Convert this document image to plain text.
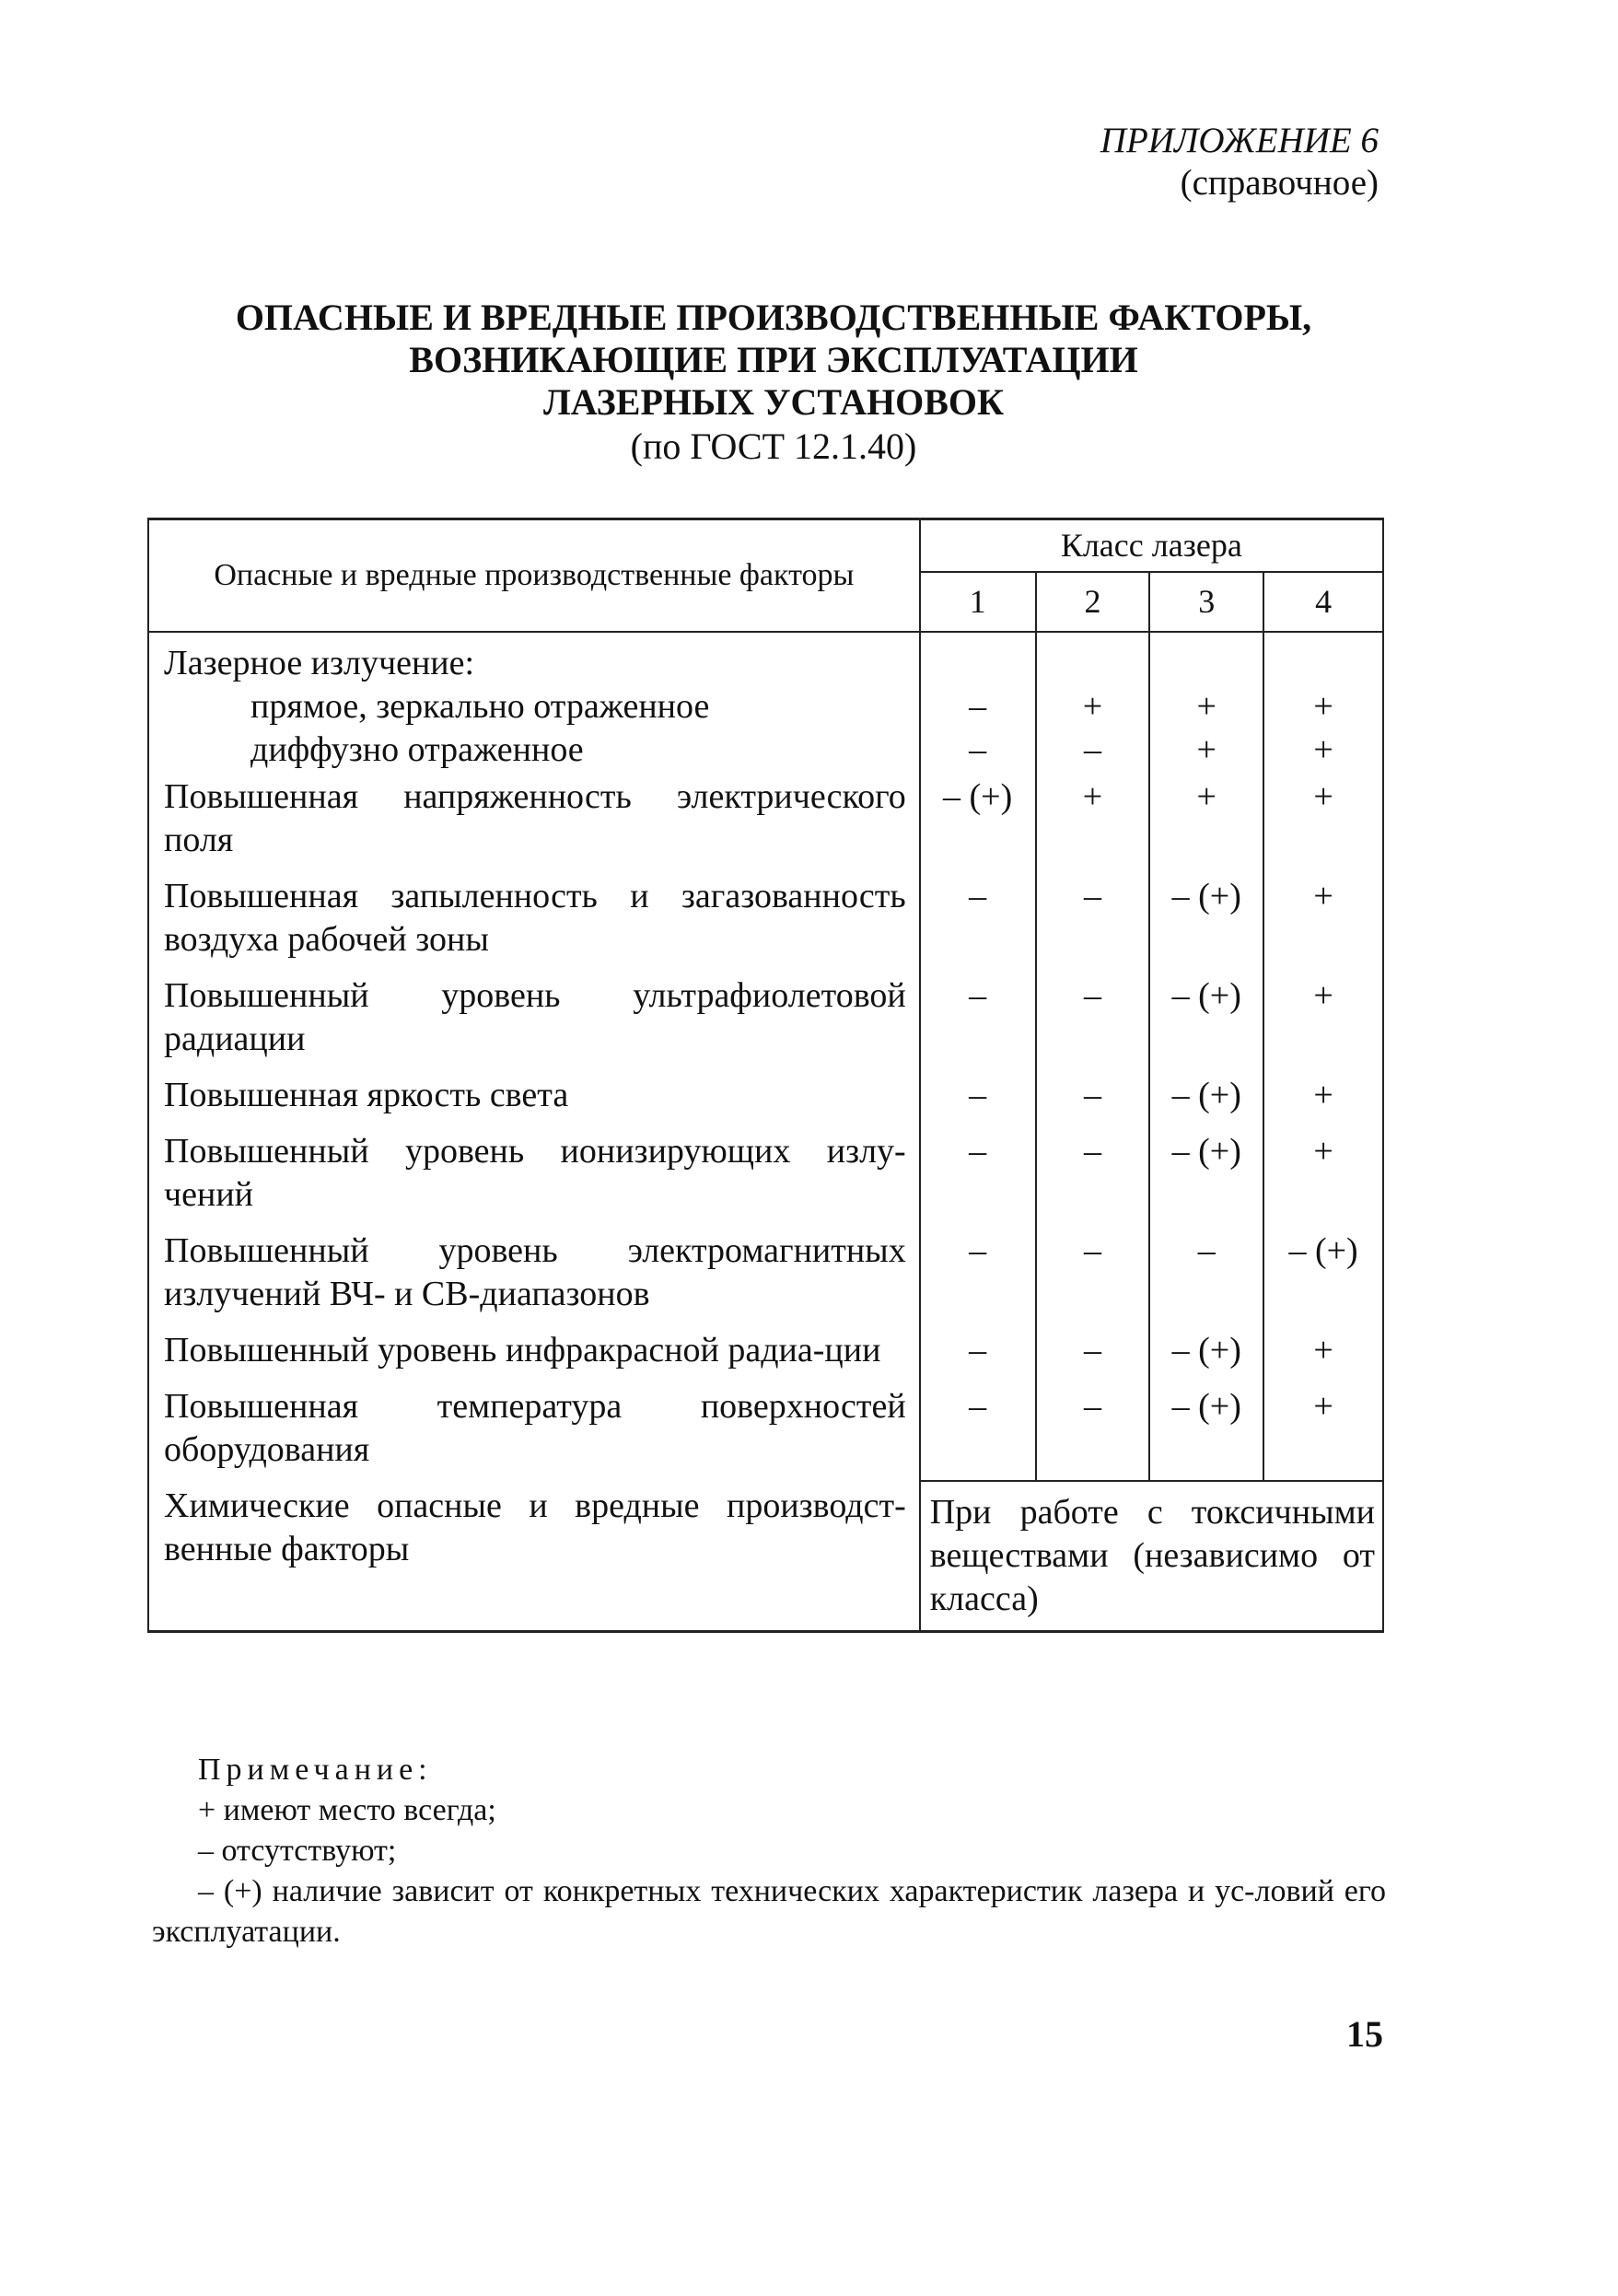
ПРИЛОЖЕНИЕ 6
(справочное)
ОПАСНЫЕ И ВРЕДНЫЕ ПРОИЗВОДСТВЕННЫЕ ФАКТОРЫ,
ВОЗНИКАЮЩИЕ ПРИ ЭКСПЛУАТАЦИИ
ЛАЗЕРНЫХ УСТАНОВОК
(по ГОСТ 12.1.40)
Опасные и вредные производственные факторы	Класс лазера			
	1	2	3	4
Лазерное излучение:				
прямое, зеркально отраженное	–	+	+	+
диффузно отраженное	–	–	+	+
Повышенная напряженность электрического поля	– (+)	+	+	+
Повышенная запыленность и загазованность воздуха рабочей зоны	–	–	– (+)	+
Повышенный уровень ультрафиолетовой радиации	–	–	– (+)	+
Повышенная яркость света	–	–	– (+)	+
Повышенный уровень ионизирующих излу-чений	–	–	– (+)	+
Повышенный уровень электромагнитных излучений ВЧ- и СВ-диапазонов	–	–	–	– (+)
Повышенный уровень инфракрасной радиа-ции	–	–	– (+)	+
Повышенная температура поверхностей оборудования	–	–	– (+)	+
Химические опасные и вредные производст-венные факторы	При работе с токсичными веществами (независимо от класса)			
Примечание:
+ имеют место всегда;
– отсутствуют;
– (+) наличие зависит от конкретных технических характеристик лазера и ус-ловий его эксплуатации.
15
